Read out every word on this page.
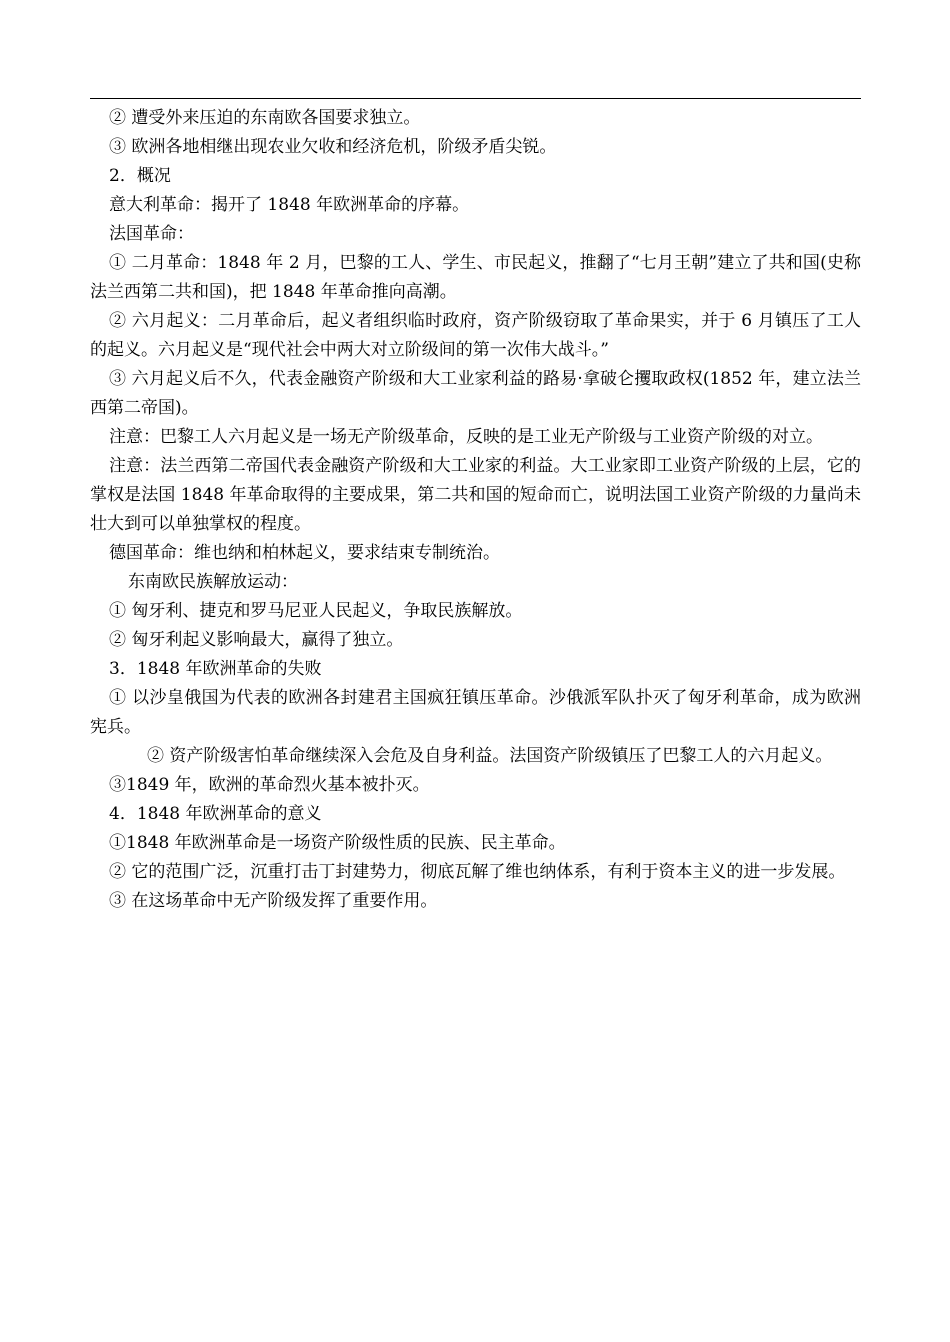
② 遭受外来压迫的东南欧各国要求独立。

③ 欧洲各地相继出现农业欠收和经济危机，阶级矛盾尖锐。

2．概况

意大利革命：揭开了 1848 年欧洲革命的序幕。

法国革命：

① 二月革命：1848 年 2 月，巴黎的工人、学生、市民起义，推翻了“七月王朝”建立了共和国(史称法兰西第二共和国)，把 1848 年革命推向高潮。

② 六月起义：二月革命后，起义者组织临时政府，资产阶级窃取了革命果实，并于 6 月镇压了工人的起义。六月起义是“现代社会中两大对立阶级间的第一次伟大战斗。”

③ 六月起义后不久，代表金融资产阶级和大工业家利益的路易·拿破仑攫取政权(1852 年，建立法兰西第二帝国)。

注意：巴黎工人六月起义是一场无产阶级革命，反映的是工业无产阶级与工业资产阶级的对立。

注意：法兰西第二帝国代表金融资产阶级和大工业家的利益。大工业家即工业资产阶级的上层，它的掌权是法国 1848 年革命取得的主要成果，第二共和国的短命而亡，说明法国工业资产阶级的力量尚未壮大到可以单独掌权的程度。

德国革命：维也纳和柏林起义，要求结束专制统治。

东南欧民族解放运动：

① 匈牙利、捷克和罗马尼亚人民起义，争取民族解放。

② 匈牙利起义影响最大，赢得了独立。

3．1848 年欧洲革命的失败

① 以沙皇俄国为代表的欧洲各封建君主国疯狂镇压革命。沙俄派军队扑灭了匈牙利革命，成为欧洲宪兵。

② 资产阶级害怕革命继续深入会危及自身利益。法国资产阶级镇压了巴黎工人的六月起义。

③1849 年，欧洲的革命烈火基本被扑灭。

4．1848 年欧洲革命的意义

①1848 年欧洲革命是一场资产阶级性质的民族、民主革命。

② 它的范围广泛，沉重打击丁封建势力，彻底瓦解了维也纳体系，有利于资本主义的进一步发展。

③ 在这场革命中无产阶级发挥了重要作用。
